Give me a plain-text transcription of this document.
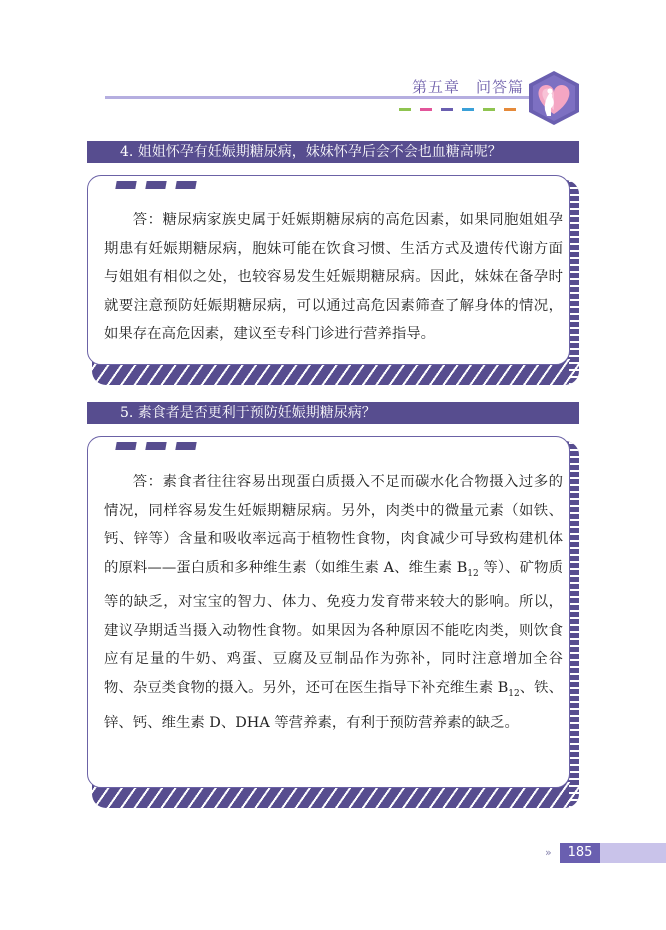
第五章　问答篇
4. 姐姐怀孕有妊娠期糖尿病，妹妹怀孕后会不会也血糖高呢？

答：糖尿病家族史属于妊娠期糖尿病的高危因素，如果同胞姐姐孕期患有妊娠期糖尿病，胞妹可能在饮食习惯、生活方式及遗传代谢方面与姐姐有相似之处，也较容易发生妊娠期糖尿病。因此，妹妹在备孕时就要注意预防妊娠期糖尿病，可以通过高危因素筛查了解身体的情况，如果存在高危因素，建议至专科门诊进行营养指导。

5. 素食者是否更利于预防妊娠期糖尿病？

答：素食者往往容易出现蛋白质摄入不足而碳水化合物摄入过多的情况，同样容易发生妊娠期糖尿病。另外，肉类中的微量元素（如铁、钙、锌等）含量和吸收率远高于植物性食物，肉食减少可导致构建机体的原料——蛋白质和多种维生素（如维生素 A、维生素 $B_{12}$ 等）、矿物质等的缺乏，对宝宝的智力、体力、免疫力发育带来较大的影响。所以，建议孕期适当摄入动物性食物。如果因为各种原因不能吃肉类，则饮食应有足量的牛奶、鸡蛋、豆腐及豆制品作为弥补，同时注意增加全谷物、杂豆类食物的摄入。另外，还可在医生指导下补充维生素 $B_{12}$、铁、锌、钙、维生素 D、DHA 等营养素，有利于预防营养素的缺乏。

»	185
